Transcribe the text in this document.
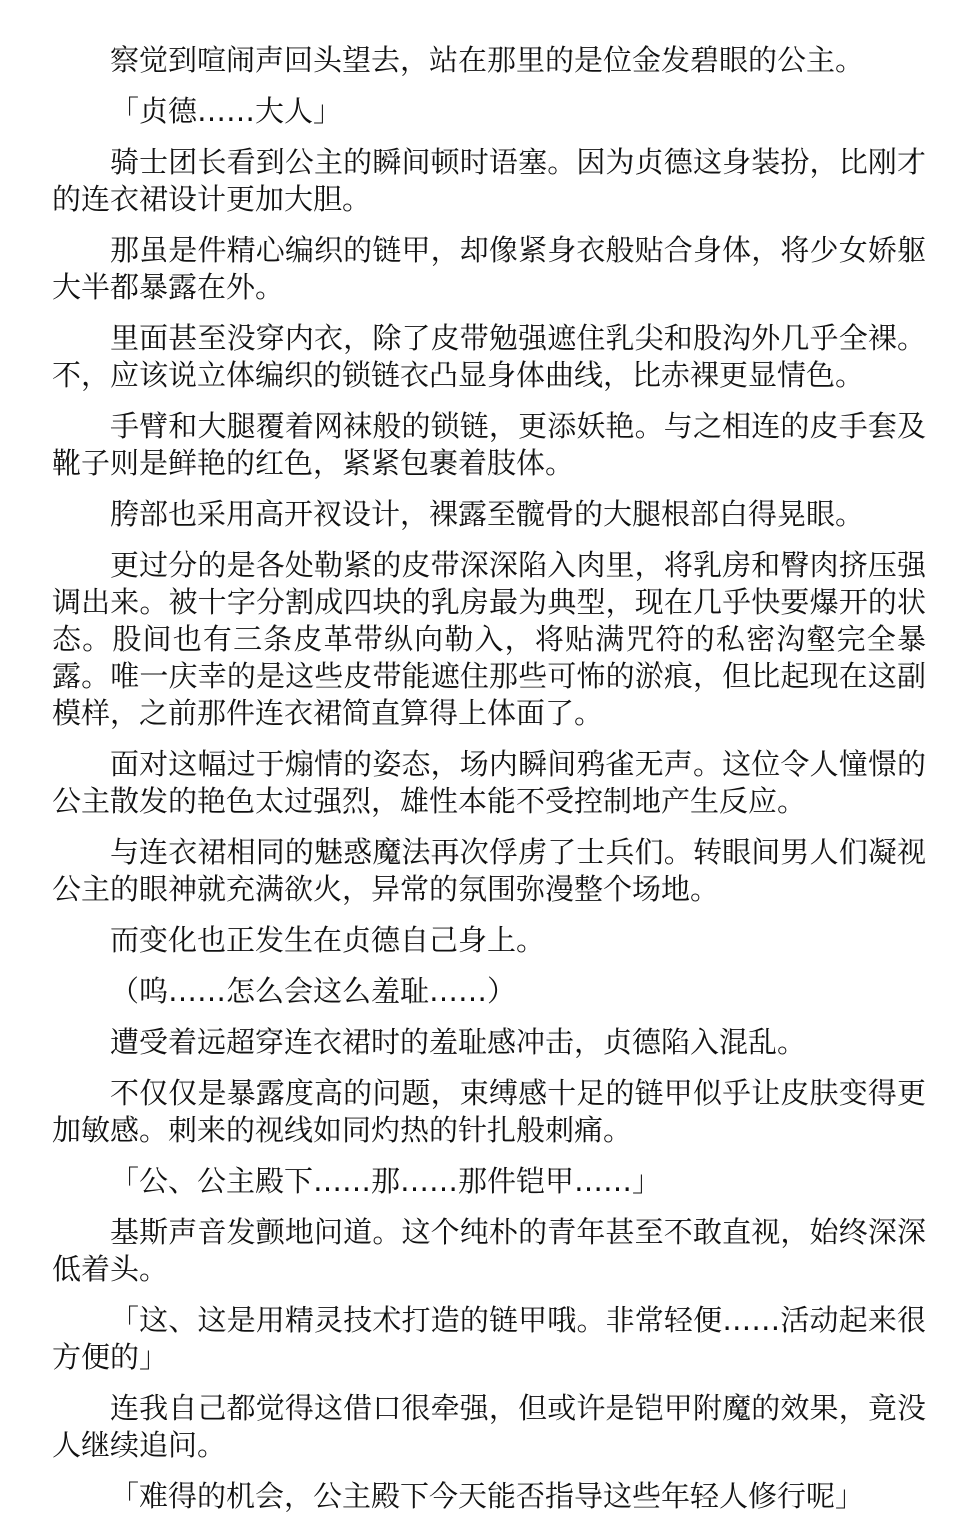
察觉到喧闹声回头望去，站在那里的是位金发碧眼的公主。

「贞德……大人」

骑士团长看到公主的瞬间顿时语塞。因为贞德这身装扮，比刚才的连衣裙设计更加大胆。

那虽是件精心编织的链甲，却像紧身衣般贴合身体，将少女娇躯大半都暴露在外。

里面甚至没穿内衣，除了皮带勉强遮住乳尖和股沟外几乎全裸。不，应该说立体编织的锁链衣凸显身体曲线，比赤裸更显情色。

手臂和大腿覆着网袜般的锁链，更添妖艳。与之相连的皮手套及靴子则是鲜艳的红色，紧紧包裹着肢体。

胯部也采用高开衩设计，裸露至髋骨的大腿根部白得晃眼。

更过分的是各处勒紧的皮带深深陷入肉里，将乳房和臀肉挤压强调出来。被十字分割成四块的乳房最为典型，现在几乎快要爆开的状态。股间也有三条皮革带纵向勒入，将贴满咒符的私密沟壑完全暴露。唯一庆幸的是这些皮带能遮住那些可怖的淤痕，但比起现在这副模样，之前那件连衣裙简直算得上体面了。

面对这幅过于煽情的姿态，场内瞬间鸦雀无声。这位令人憧憬的公主散发的艳色太过强烈，雄性本能不受控制地产生反应。

与连衣裙相同的魅惑魔法再次俘虏了士兵们。转眼间男人们凝视公主的眼神就充满欲火，异常的氛围弥漫整个场地。

而变化也正发生在贞德自己身上。

（呜……怎么会这么羞耻……）

遭受着远超穿连衣裙时的羞耻感冲击，贞德陷入混乱。

不仅仅是暴露度高的问题，束缚感十足的链甲似乎让皮肤变得更加敏感。刺来的视线如同灼热的针扎般刺痛。

「公、公主殿下……那……那件铠甲……」

基斯声音发颤地问道。这个纯朴的青年甚至不敢直视，始终深深低着头。

「这、这是用精灵技术打造的链甲哦。非常轻便……活动起来很方便的」

连我自己都觉得这借口很牵强，但或许是铠甲附魔的效果，竟没人继续追问。

「难得的机会，公主殿下今天能否指导这些年轻人修行呢」
